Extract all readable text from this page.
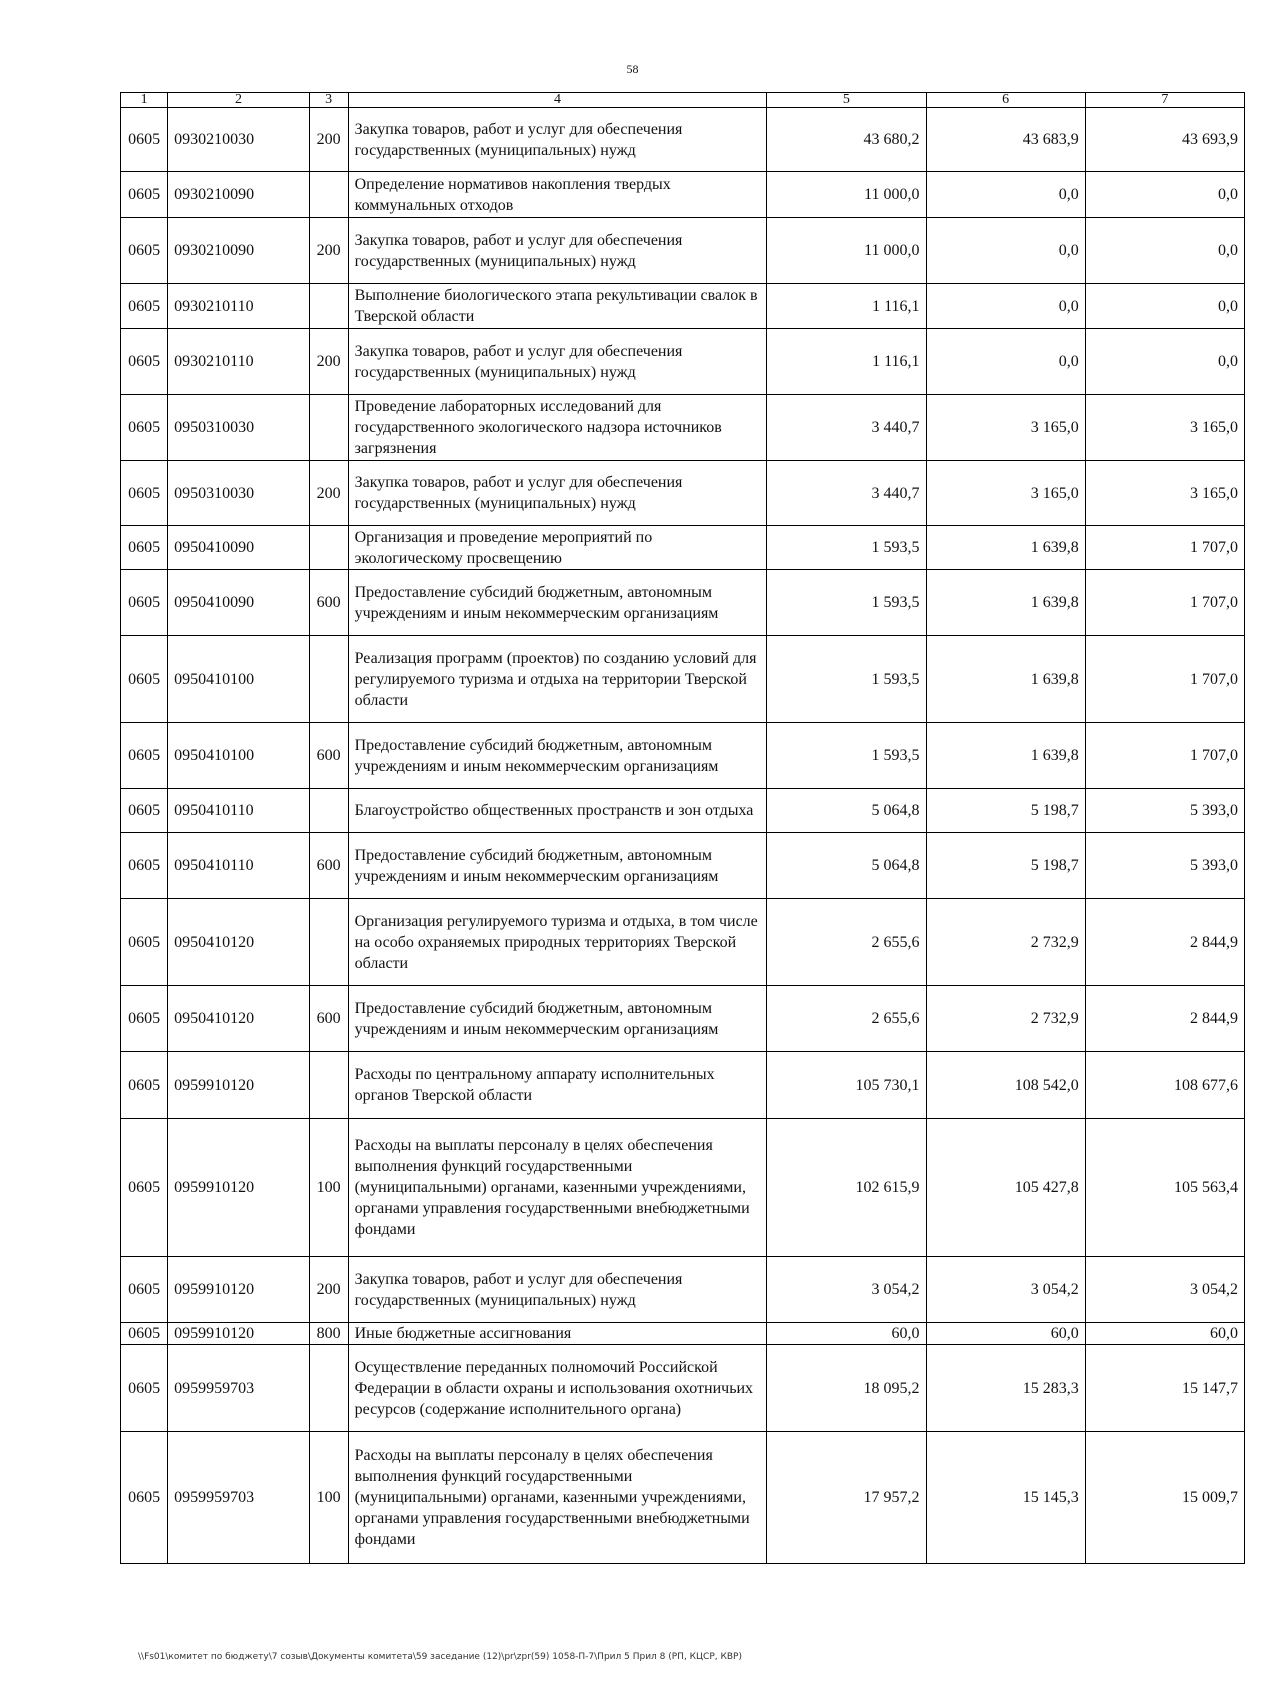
58
1	2	3	4	5	6	7
0605	0930210030	200	Закупка товаров, работ и услуг для обеспечения государственных (муниципальных) нужд	43 680,2	43 683,9	43 693,9
0605	0930210090		Определение нормативов накопления твердых коммунальных отходов	11 000,0	0,0	0,0
0605	0930210090	200	Закупка товаров, работ и услуг для обеспечения государственных (муниципальных) нужд	11 000,0	0,0	0,0
0605	0930210110		Выполнение биологического этапа рекультивации свалок в Тверской области	1 116,1	0,0	0,0
0605	0930210110	200	Закупка товаров, работ и услуг для обеспечения государственных (муниципальных) нужд	1 116,1	0,0	0,0
0605	0950310030		Проведение лабораторных исследований для государственного экологического надзора источников загрязнения	3 440,7	3 165,0	3 165,0
0605	0950310030	200	Закупка товаров, работ и услуг для обеспечения государственных (муниципальных) нужд	3 440,7	3 165,0	3 165,0
0605	0950410090		Организация и проведение мероприятий по экологическому просвещению	1 593,5	1 639,8	1 707,0
0605	0950410090	600	Предоставление субсидий бюджетным, автономным учреждениям и иным некоммерческим организациям	1 593,5	1 639,8	1 707,0
0605	0950410100		Реализация программ (проектов) по созданию условий для регулируемого туризма и отдыха на территории Тверской области	1 593,5	1 639,8	1 707,0
0605	0950410100	600	Предоставление субсидий бюджетным, автономным учреждениям и иным некоммерческим организациям	1 593,5	1 639,8	1 707,0
0605	0950410110		Благоустройство общественных пространств и зон отдыха	5 064,8	5 198,7	5 393,0
0605	0950410110	600	Предоставление субсидий бюджетным, автономным учреждениям и иным некоммерческим организациям	5 064,8	5 198,7	5 393,0
0605	0950410120		Организация регулируемого туризма и отдыха, в том числе на особо охраняемых природных территориях Тверской области	2 655,6	2 732,9	2 844,9
0605	0950410120	600	Предоставление субсидий бюджетным, автономным учреждениям и иным некоммерческим организациям	2 655,6	2 732,9	2 844,9
0605	0959910120		Расходы по центральному аппарату исполнительных органов Тверской области	105 730,1	108 542,0	108 677,6
0605	0959910120	100	Расходы на выплаты персоналу в целях обеспечения выполнения функций государственными (муниципальными) органами, казенными учреждениями, органами управления государственными внебюджетными фондами	102 615,9	105 427,8	105 563,4
0605	0959910120	200	Закупка товаров, работ и услуг для обеспечения государственных (муниципальных) нужд	3 054,2	3 054,2	3 054,2
0605	0959910120	800	Иные бюджетные ассигнования	60,0	60,0	60,0
0605	0959959703		Осуществление переданных полномочий Российской Федерации в области охраны и использования охотничьих ресурсов (содержание исполнительного органа)	18 095,2	15 283,3	15 147,7
0605	0959959703	100	Расходы на выплаты персоналу в целях обеспечения выполнения функций государственными (муниципальными) органами, казенными учреждениями, органами управления государственными внебюджетными фондами	17 957,2	15 145,3	15 009,7
\\Fs01\комитет по бюджету\7 созыв\Документы комитета\59 заседание (12)\pr\zpr(59) 1058-П-7\Прил 5 Прил 8 (РП, КЦСР, КВР)
